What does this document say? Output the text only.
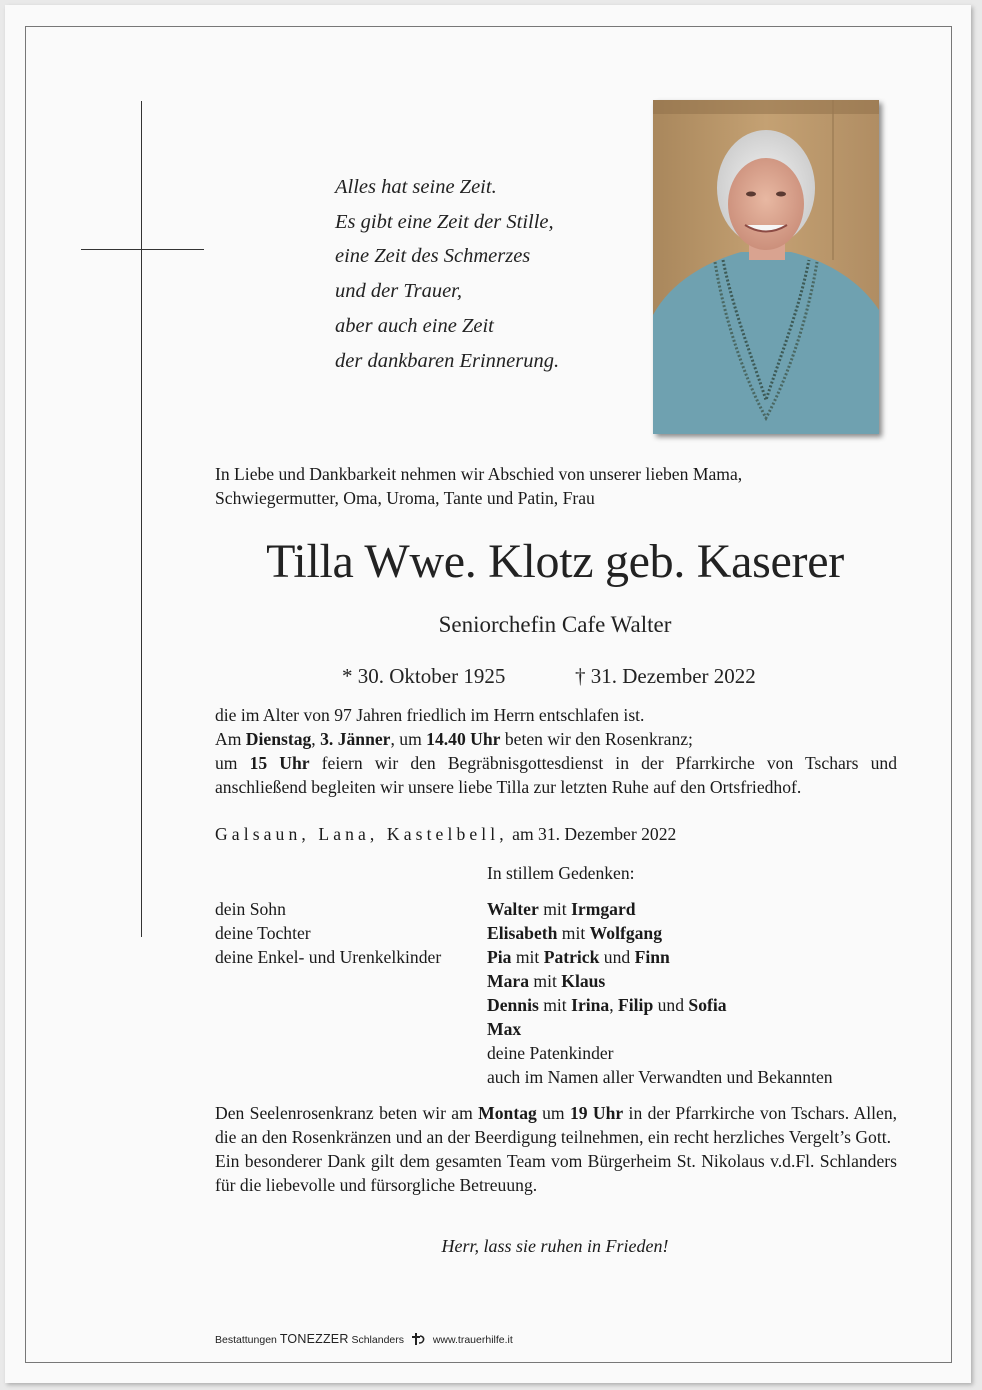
Alles hat seine Zeit.
Es gibt eine Zeit der Stille,
eine Zeit des Schmerzes
und der Trauer,
aber auch eine Zeit
der dankbaren Erinnerung.
In Liebe und Dankbarkeit nehmen wir Abschied von unserer lieben Mama,
Schwiegermutter, Oma, Uroma, Tante und Patin, Frau
Tilla Wwe. Klotz geb. Kaserer
Seniorchefin Cafe Walter
* 30. Oktober 1925	† 31. Dezember 2022
die im Alter von 97 Jahren friedlich im Herrn entschlafen ist.
Am Dienstag, 3. Jänner, um 14.40 Uhr beten wir den Rosenkranz;
um 15 Uhr feiern wir den Begräbnisgottesdienst in der Pfarrkirche von Tschars und anschließend begleiten wir unsere liebe Tilla zur letzten Ruhe auf den Ortsfriedhof.
Galsaun, Lana, Kastelbell, am 31. Dezember 2022
dein Sohn
deine Tochter
deine Enkel- und Urenkelkinder
In stillem Gedenken:
Walter mit Irmgard
Elisabeth mit Wolfgang
Pia mit Patrick und Finn
Mara mit Klaus
Dennis mit Irina, Filip und Sofia
Max
deine Patenkinder
auch im Namen aller Verwandten und Bekannten

Den Seelenrosenkranz beten wir am Montag um 19 Uhr in der Pfarrkirche von Tschars. Allen, die an den Rosenkränzen und an der Beerdigung teilnehmen, ein recht herzliches Vergelt’s Gott.

Ein besonderer Dank gilt dem gesamten Team vom Bürgerheim St. Nikolaus v.d.Fl. Schlanders für die liebevolle und fürsorgliche Betreuung.

Herr, lass sie ruhen in Frieden!
Bestattungen TONEZZER Schlanders	www.trauerhilfe.it
